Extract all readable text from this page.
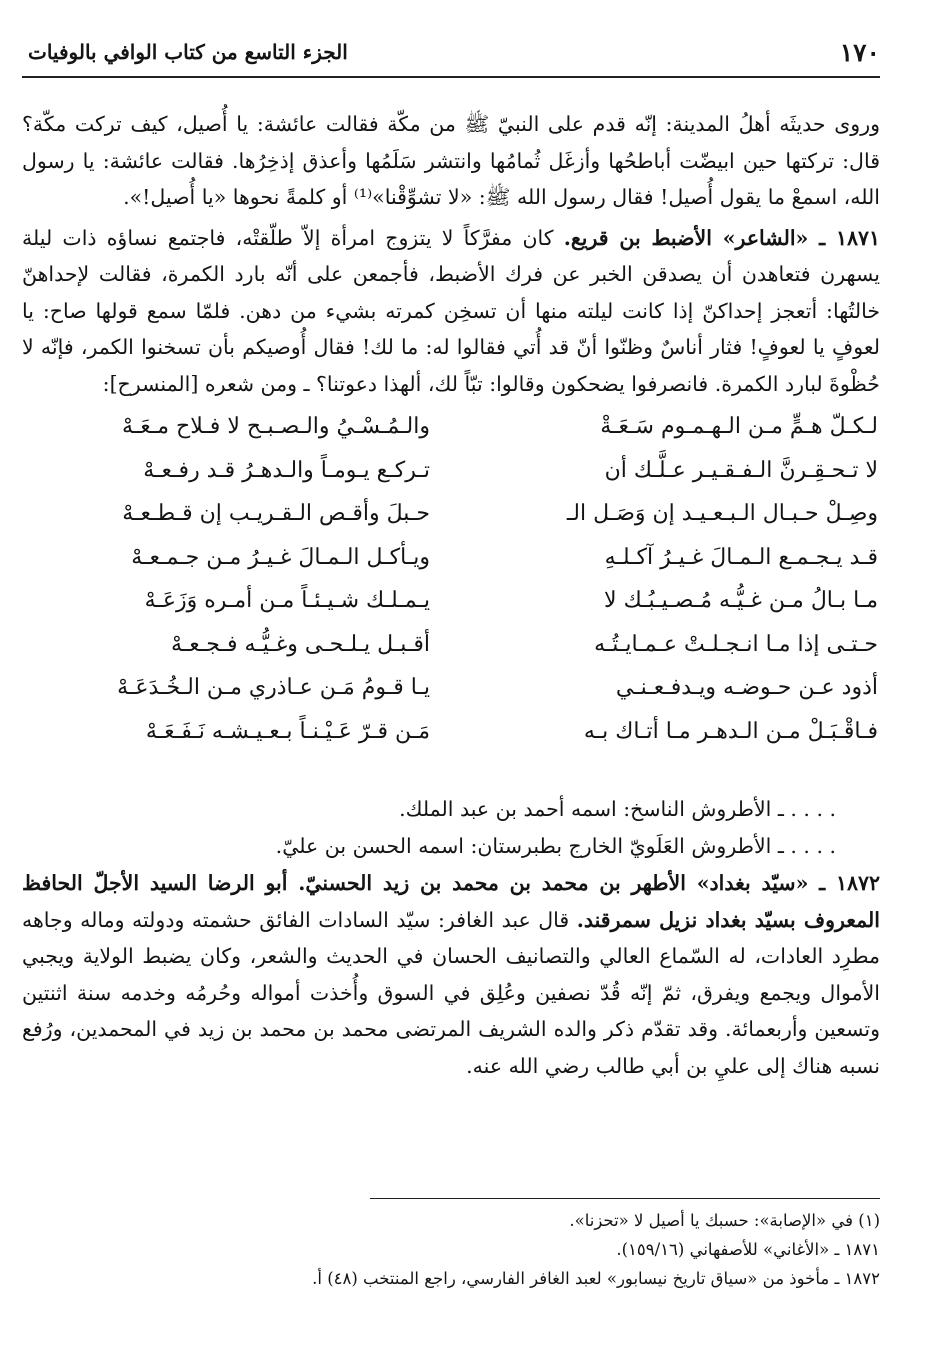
١٧٠
الجزء التاسع من كتاب الوافي بالوفيات

وروى حديثَه أهلُ المدينة: إنّه قدم على النبيّ ﷺ من مكّة فقالت عائشة: يا أُصيل، كيف تركت مكّة؟ قال: تركتها حين ابيضّت أباطحُها وأزغَل ثُمامُها وانتشر سَلَمُها وأعذق إذخِرُها. فقالت عائشة: يا رسول الله، اسمعْ ما يقول أُصيل! فقال رسول الله ﷺ: «لا تشوِّقْنا»⁽¹⁾ أو كلمةً نحوها «يا أُصيل!».

١٨٧١ ـ «الشاعر» الأضبط بن قريع. كان مفرَّكاً لا يتزوج امرأة إلاّ طلّقتْه، فاجتمع نساؤه ذات ليلة يسهرن فتعاهدن أن يصدقن الخبر عن فرك الأضبط، فأجمعن على أنّه بارد الكمرة، فقالت لإحداهنّ خالتُها: أتعجز إحداكنّ إذا كانت ليلته منها أن تسخِن كمرته بشيء من دهن. فلمّا سمع قولها صاح: يا لعوفٍ يا لعوفٍ! فثار أناسٌ وظنّوا أنّ قد أُتي فقالوا له: ما لك! فقال أُوصيكم بأن تسخنوا الكمر، فإنّه لا حُظْوةَ لبارد الكمرة. فانصرفوا يضحكون وقالوا: تبّاً لك، ألهذا دعوتنا؟ ـ ومن شعره [المنسرح]:

لـكـلّ هـمٍّ مـن الـهـمـوم سَـعَـةْ
والـمُـسْـيُ والـصـبـح لا فـلاح مـعَـهْ
لا تـحـقِـرنَّ الـفـقـيـر عـلَّـك أن
تـركـع يـومـاً والـدهـرُ قـد رفـعـهْ
وصِـلْ حـبـال الـبـعـيـد إن وَصَـل الـ
حـبلَ وأقـص الـقـريـب إن قـطـعـهْ
قـد يـجـمـع الـمـالَ غـيـرُ آكـلـهِ
ويـأكـل الـمـالَ غـيـرُ مـن جـمـعـهْ
مـا بـالُ مـن غـيُّـه مُـصـيـبُـك لا
يـمـلـك شـيـئـاً مـن أمـره وَزَعَـهْ
حـتـى إذا مـا انـجـلـتْ عـمـايـتُـه
أقـبـل يـلـحـى وغـيُّـه فـجـعـهْ
أذود عـن حـوضـه ويـدفـعـنـي
يـا قـومُ مَـن عـاذري مـن الـخُـدَعَـهْ
فـاقْـبَـلْ مـن الـدهـر مـا أتـاك بـه
مَـن قـرّ عَـيْـنـاً بـعـيـشـه نَـفَـعَـهْ

. . . . ـ الأطروش الناسخ: اسمه أحمد بن عبد الملك.

. . . . ـ الأطروش العَلَويّ الخارج بطبرستان: اسمه الحسن بن عليّ.

١٨٧٢ ـ «سيّد بغداد» الأطهر بن محمد بن محمد بن زيد الحسنيّ. أبو الرضا السيد الأجلّ الحافظ المعروف بسيّد بغداد نزيل سمرقند. قال عبد الغافر: سيّد السادات الفائق حشمته ودولته وماله وجاهه مطرِد العادات، له السّماع العالي والتصانيف الحسان في الحديث والشعر، وكان يضبط الولاية ويجبي الأموال ويجمع ويفرق، ثمّ إنّه قُدّ نصفين وعُلِق في السوق وأُخذت أمواله وحُرمُه وخدمه سنة اثنتين وتسعين وأربعمائة. وقد تقدّم ذكر والده الشريف المرتضى محمد بن محمد بن زيد في المحمدين، ورُفع نسبه هناك إلى عليِ بن أبي طالب رضي الله عنه.

(١) في «الإصابة»: حسبك يا أصيل لا «تحزنا».

١٨٧١ ـ «الأغاني» للأصفهاني (١٥٩/١٦).

١٨٧٢ ـ مأخوذ من «سياق تاريخ نيسابور» لعبد الغافر الفارسي، راجع المنتخب (٤٨) أ.
